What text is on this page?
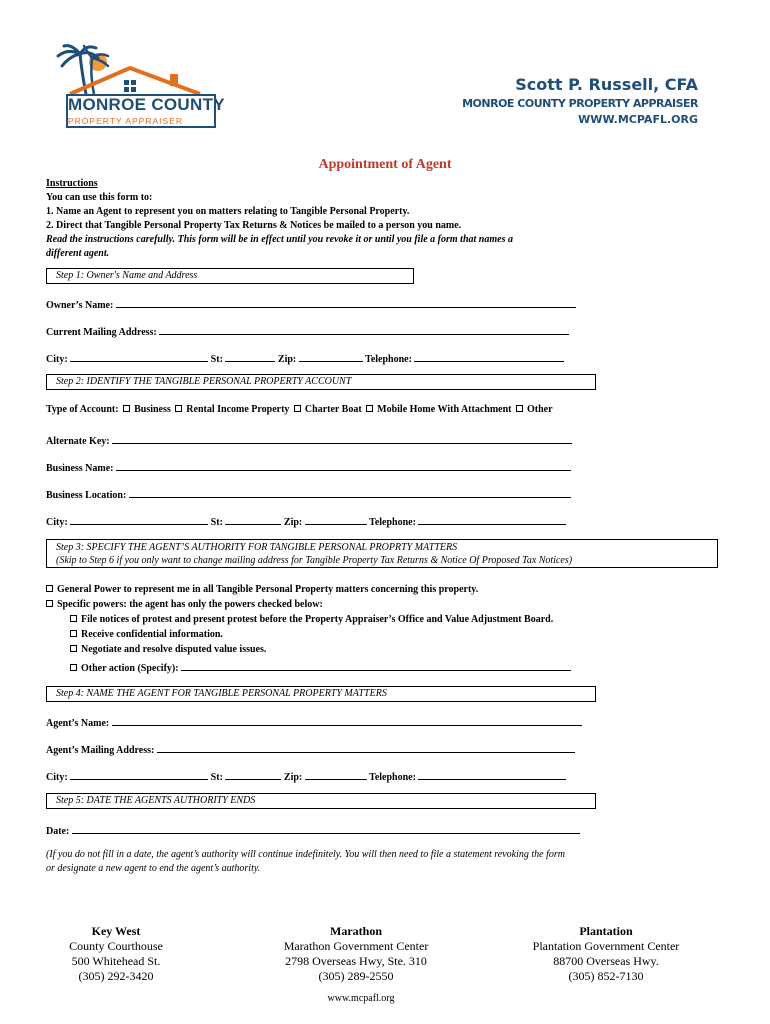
MONROE COUNTY
PROPERTY APPRAISER
Scott P. Russell, CFA
MONROE COUNTY PROPERTY APPRAISER
WWW.MCPAFL.ORG
Appointment of Agent
Instructions
You can use this form to:
1. Name an Agent to represent you on matters relating to Tangible Personal Property.
2. Direct that Tangible Personal Property Tax Returns & Notices be mailed to a person you name.
Read the instructions carefully. This form will be in effect until you revoke it or until you file a form that names a
different agent.
Step 1: Owner's Name and Address
Owner’s Name:
Current Mailing Address:
City:	St:	Zip:	Telephone:
Step 2: IDENTIFY THE TANGIBLE PERSONAL PROPERTY ACCOUNT
Type of Account: Business Rental Income Property Charter Boat Mobile Home With Attachment Other
Alternate Key:
Business Name:
Business Location:
City:	St:	Zip:	Telephone:
Step 3: SPECIFY THE AGENT’S AUTHORITY FOR TANGIBLE PERSONAL PROPRTY MATTERS
(Skip to Step 6 if you only want to change mailing address for Tangible Property Tax Returns & Notice Of Proposed Tax Notices)
General Power to represent me in all Tangible Personal Property matters concerning this property.
Specific powers: the agent has only the powers checked below:
File notices of protest and present protest before the Property Appraiser’s Office and Value Adjustment Board.
Receive confidential information.
Negotiate and resolve disputed value issues.
Other action (Specify):
Step 4: NAME THE AGENT FOR TANGIBLE PERSONAL PROPERTY MATTERS
Agent’s Name:
Agent’s Mailing Address:
City:	St:	Zip:	Telephone:
Step 5: DATE THE AGENTS AUTHORITY ENDS
Date:
(If you do not fill in a date, the agent’s authority will continue indefinitely. You will then need to file a statement revoking the form
or designate a new agent to end the agent’s authority.
Key West
County Courthouse
500 Whitehead St.
(305) 292-3420
Marathon
Marathon Government Center
2798 Overseas Hwy, Ste. 310
(305) 289-2550
Plantation
Plantation Government Center
88700 Overseas Hwy.
(305) 852-7130
www.mcpafl.org
